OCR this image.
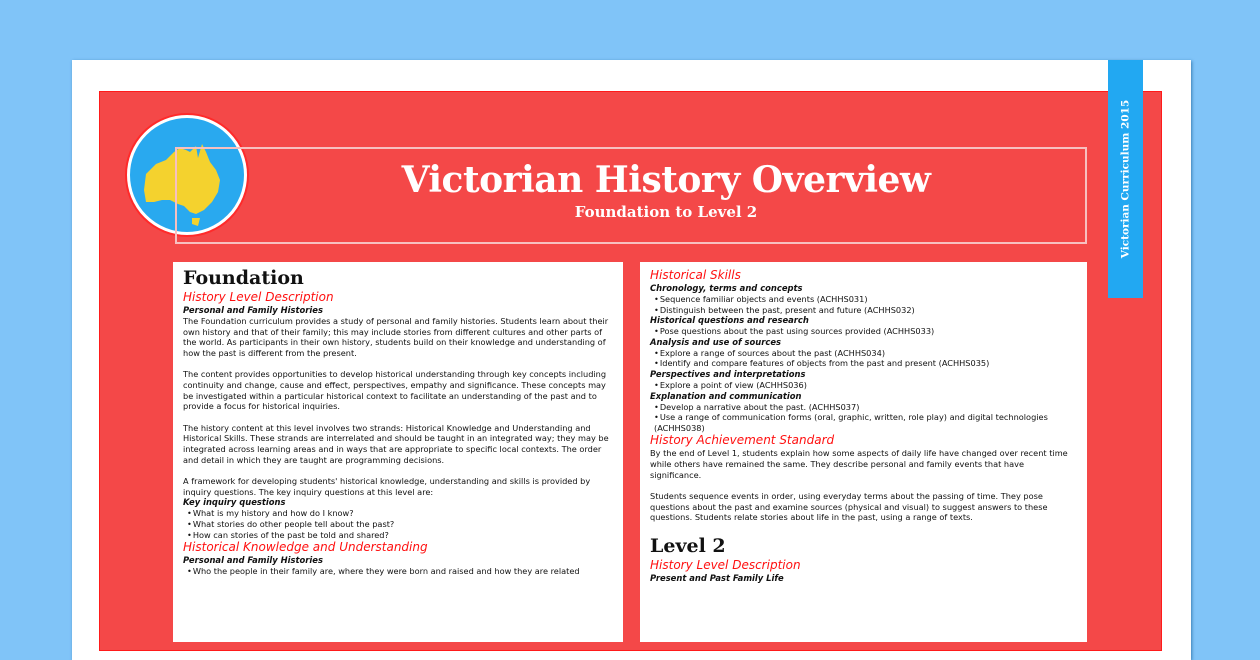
Victorian Curriculum 2015
Victorian History Overview
Foundation to Level 2
Foundation
History Level Description
Personal and Family Histories

The Foundation curriculum provides a study of personal and family histories. Students learn about their own history and that of their family; this may include stories from different cultures and other parts of the world. As participants in their own history, students build on their knowledge and understanding of how the past is different from the present.

The content provides opportunities to develop historical understanding through key concepts including continuity and change, cause and effect, perspectives, empathy and significance. These concepts may be investigated within a particular historical context to facilitate an understanding of the past and to provide a focus for historical inquiries.

The history content at this level involves two strands: Historical Knowledge and Understanding and Historical Skills. These strands are interrelated and should be taught in an integrated way; they may be integrated across learning areas and in ways that are appropriate to specific local contexts. The order and detail in which they are taught are programming decisions.

A framework for developing students' historical knowledge, understanding and skills is provided by inquiry questions. The key inquiry questions at this level are:

Key inquiry questions
• What is my history and how do I know?
• What stories do other people tell about the past?
• How can stories of the past be told and shared?
Historical Knowledge and Understanding
Personal and Family Histories
• Who the people in their family are, where they were born and raised and how they are related
Historical Skills
Chronology, terms and concepts
• Sequence familiar objects and events (ACHHS031)
• Distinguish between the past, present and future (ACHHS032)
Historical questions and research
• Pose questions about the past using sources provided (ACHHS033)
Analysis and use of sources
• Explore a range of sources about the past (ACHHS034)
• Identify and compare features of objects from the past and present (ACHHS035)
Perspectives and interpretations
• Explore a point of view (ACHHS036)
Explanation and communication
• Develop a narrative about the past. (ACHHS037)
• Use a range of communication forms (oral, graphic, written, role play) and digital technologies (ACHHS038)
History Achievement Standard

By the end of Level 1, students explain how some aspects of daily life have changed over recent time while others have remained the same. They describe personal and family events that have significance.

Students sequence events in order, using everyday terms about the passing of time. They pose questions about the past and examine sources (physical and visual) to suggest answers to these questions. Students relate stories about life in the past, using a range of texts.

Level 2
History Level Description
Present and Past Family Life
